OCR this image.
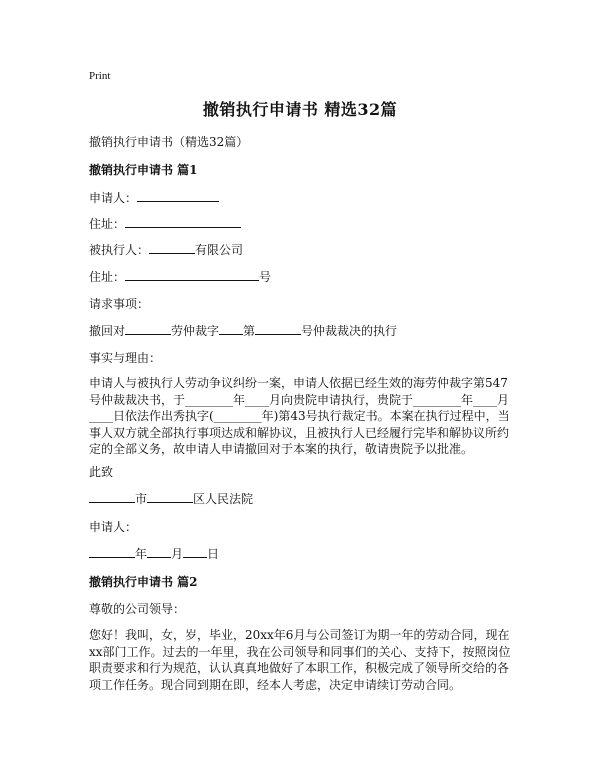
Print
撤销执行申请书 精选32篇
撤销执行申请书（精选32篇）
撤销执行申请书 篇1
申请人：
住址：
被执行人：	有限公司
住址：	号
请求事项：
撤回对	劳仲裁字 第	号仲裁裁决的执行
事实与理由：
申请人与被执行人劳动争议纠纷一案，申请人依据已经生效的海劳仲裁字第547号仲裁裁决书，于________年____月向贵院申请执行，贵院于________年____月____日依法作出秀执字(________年)第43号执行裁定书。本案在执行过程中，当事人双方就全部执行事项达成和解协议，且被执行人已经履行完毕和解协议所约定的全部义务，故申请人申请撤回对于本案的执行，敬请贵院予以批准。
此致
市	区人民法院
申请人：
年 月 日
撤销执行申请书 篇2
尊敬的公司领导：
您好！我叫，女，岁，毕业，20xx年6月与公司签订为期一年的劳动合同，现在xx部门工作。过去的一年里，我在公司领导和同事们的关心、支持下，按照岗位职责要求和行为规范，认认真真地做好了本职工作，积极完成了领导所交给的各项工作任务。现合同到期在即，经本人考虑，决定申请续订劳动合同。
